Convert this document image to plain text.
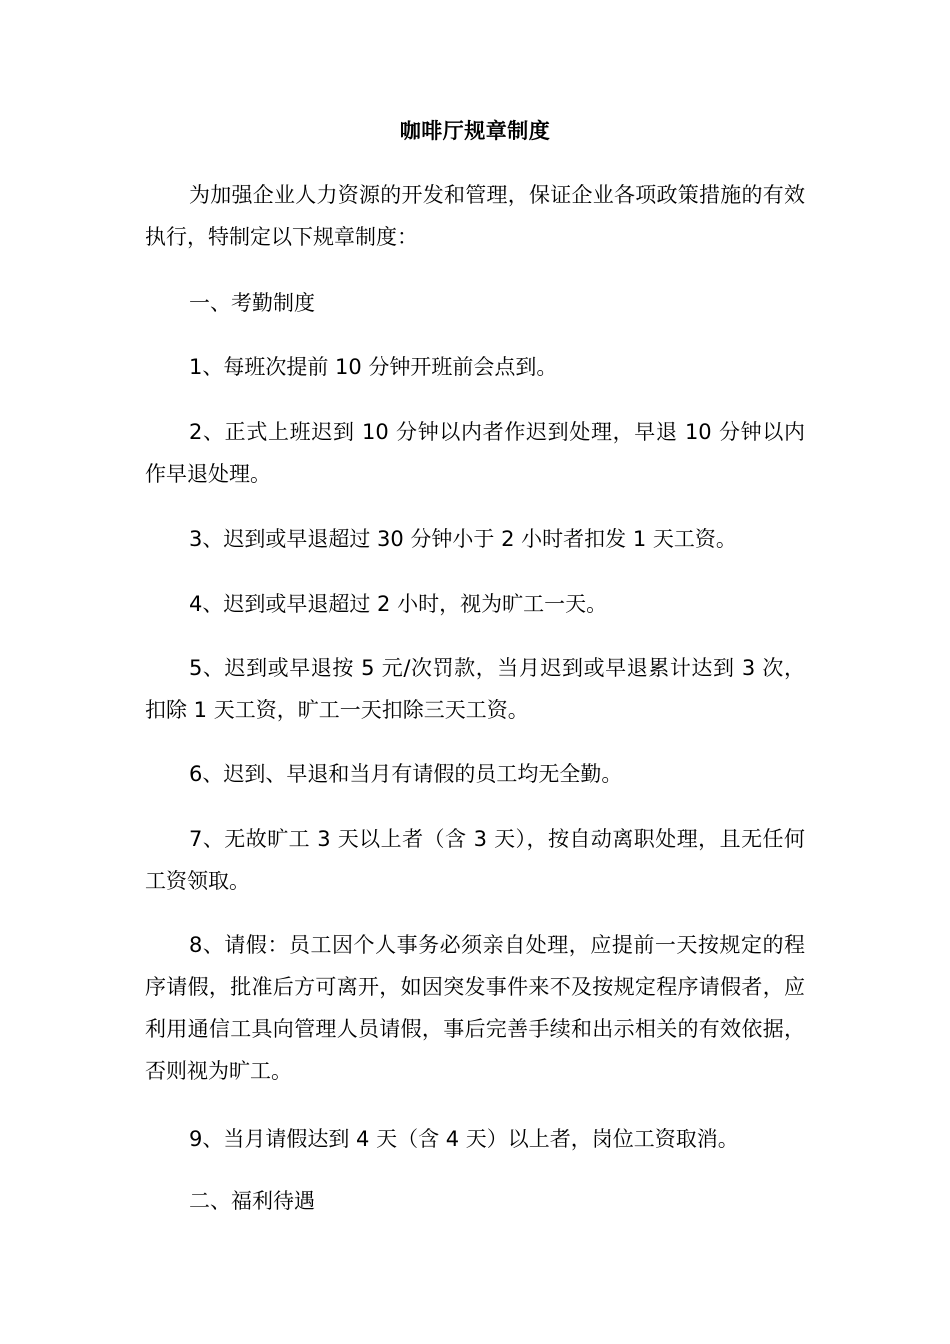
咖啡厅规章制度
为加强企业人力资源的开发和管理，保证企业各项政策措施的有效执行，特制定以下规章制度：
一、考勤制度
1、每班次提前 10 分钟开班前会点到。
2、正式上班迟到 10 分钟以内者作迟到处理，早退 10 分钟以内作早退处理。
3、迟到或早退超过 30 分钟小于 2 小时者扣发 1 天工资。
4、迟到或早退超过 2 小时，视为旷工一天。
5、迟到或早退按 5 元/次罚款，当月迟到或早退累计达到 3 次，扣除 1 天工资，旷工一天扣除三天工资。
6、迟到、早退和当月有请假的员工均无全勤。
7、无故旷工 3 天以上者（含 3 天），按自动离职处理，且无任何工资领取。
8、请假：员工因个人事务必须亲自处理，应提前一天按规定的程序请假，批准后方可离开，如因突发事件来不及按规定程序请假者，应利用通信工具向管理人员请假，事后完善手续和出示相关的有效依据，否则视为旷工。
9、当月请假达到 4 天（含 4 天）以上者，岗位工资取消。
二、福利待遇
